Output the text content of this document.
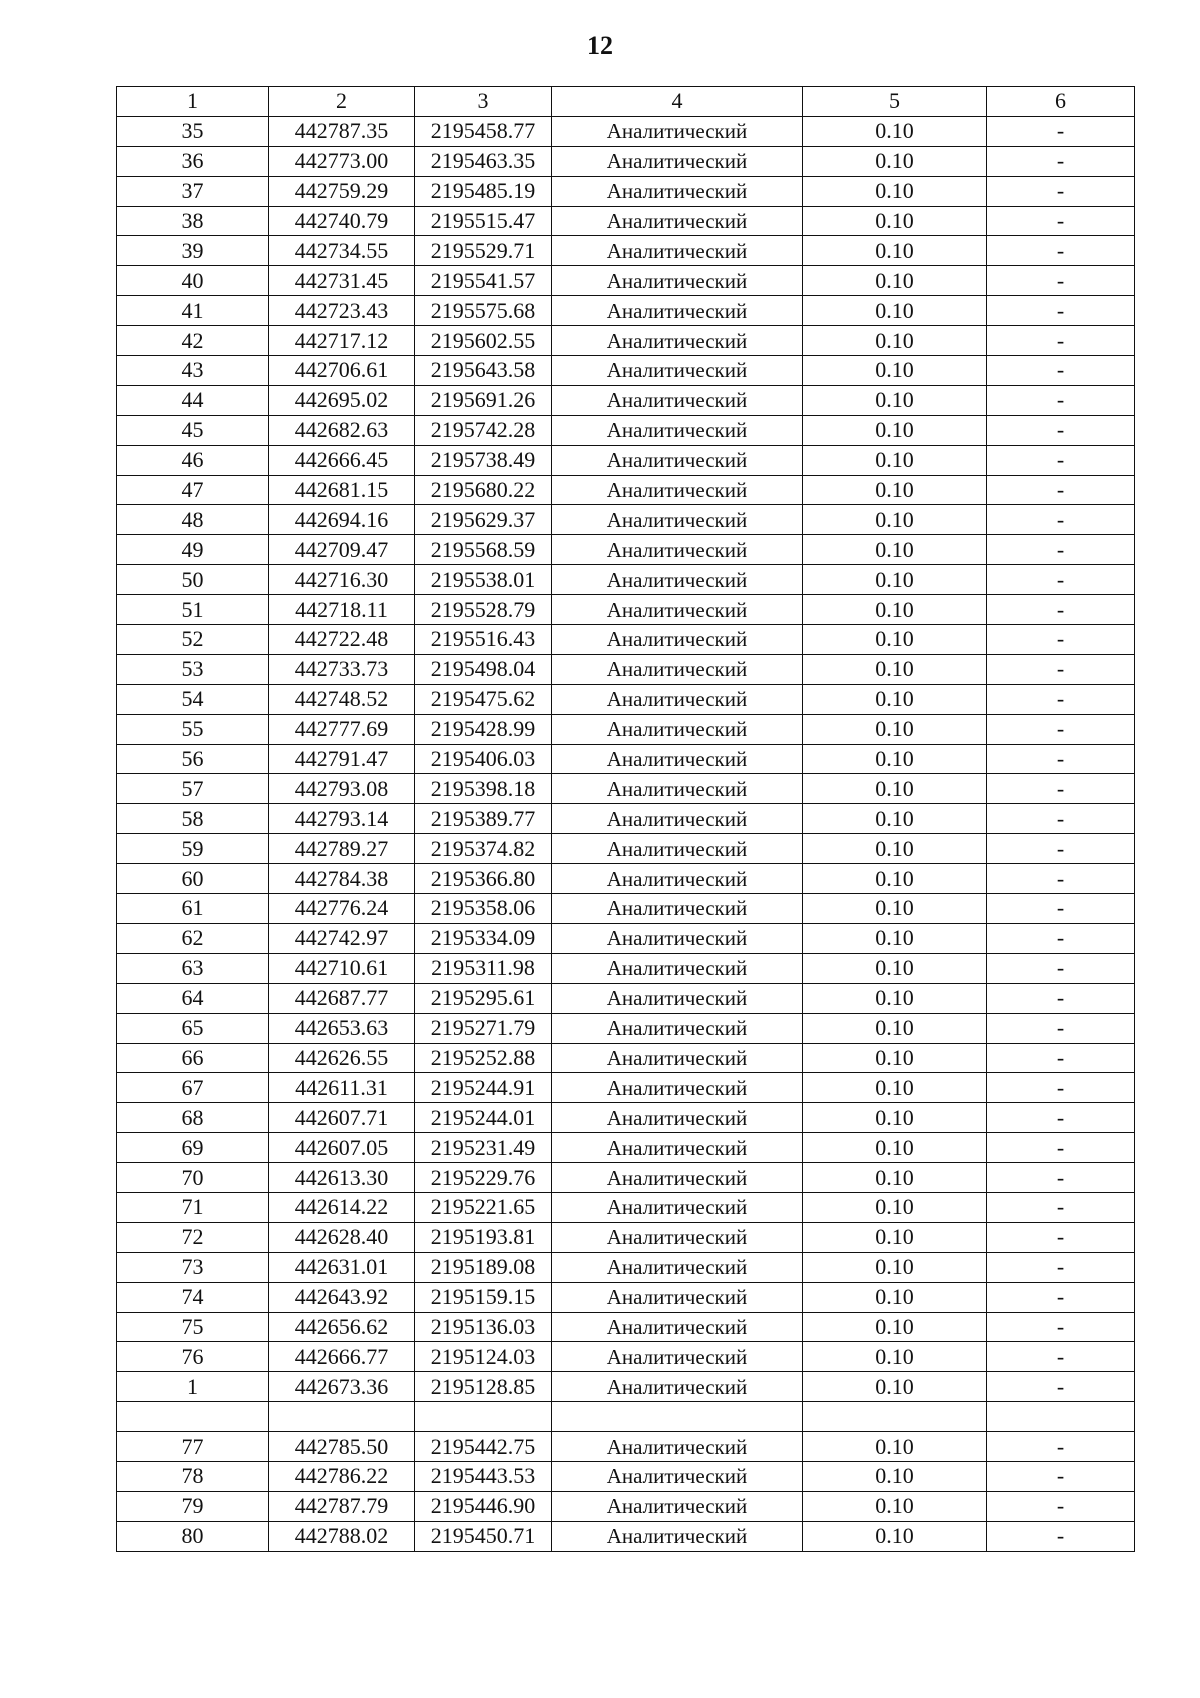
12
1	2	3	4	5	6
35	442787.35	2195458.77	Аналитический	0.10	-
36	442773.00	2195463.35	Аналитический	0.10	-
37	442759.29	2195485.19	Аналитический	0.10	-
38	442740.79	2195515.47	Аналитический	0.10	-
39	442734.55	2195529.71	Аналитический	0.10	-
40	442731.45	2195541.57	Аналитический	0.10	-
41	442723.43	2195575.68	Аналитический	0.10	-
42	442717.12	2195602.55	Аналитический	0.10	-
43	442706.61	2195643.58	Аналитический	0.10	-
44	442695.02	2195691.26	Аналитический	0.10	-
45	442682.63	2195742.28	Аналитический	0.10	-
46	442666.45	2195738.49	Аналитический	0.10	-
47	442681.15	2195680.22	Аналитический	0.10	-
48	442694.16	2195629.37	Аналитический	0.10	-
49	442709.47	2195568.59	Аналитический	0.10	-
50	442716.30	2195538.01	Аналитический	0.10	-
51	442718.11	2195528.79	Аналитический	0.10	-
52	442722.48	2195516.43	Аналитический	0.10	-
53	442733.73	2195498.04	Аналитический	0.10	-
54	442748.52	2195475.62	Аналитический	0.10	-
55	442777.69	2195428.99	Аналитический	0.10	-
56	442791.47	2195406.03	Аналитический	0.10	-
57	442793.08	2195398.18	Аналитический	0.10	-
58	442793.14	2195389.77	Аналитический	0.10	-
59	442789.27	2195374.82	Аналитический	0.10	-
60	442784.38	2195366.80	Аналитический	0.10	-
61	442776.24	2195358.06	Аналитический	0.10	-
62	442742.97	2195334.09	Аналитический	0.10	-
63	442710.61	2195311.98	Аналитический	0.10	-
64	442687.77	2195295.61	Аналитический	0.10	-
65	442653.63	2195271.79	Аналитический	0.10	-
66	442626.55	2195252.88	Аналитический	0.10	-
67	442611.31	2195244.91	Аналитический	0.10	-
68	442607.71	2195244.01	Аналитический	0.10	-
69	442607.05	2195231.49	Аналитический	0.10	-
70	442613.30	2195229.76	Аналитический	0.10	-
71	442614.22	2195221.65	Аналитический	0.10	-
72	442628.40	2195193.81	Аналитический	0.10	-
73	442631.01	2195189.08	Аналитический	0.10	-
74	442643.92	2195159.15	Аналитический	0.10	-
75	442656.62	2195136.03	Аналитический	0.10	-
76	442666.77	2195124.03	Аналитический	0.10	-
1	442673.36	2195128.85	Аналитический	0.10	-

77	442785.50	2195442.75	Аналитический	0.10	-
78	442786.22	2195443.53	Аналитический	0.10	-
79	442787.79	2195446.90	Аналитический	0.10	-
80	442788.02	2195450.71	Аналитический	0.10	-
